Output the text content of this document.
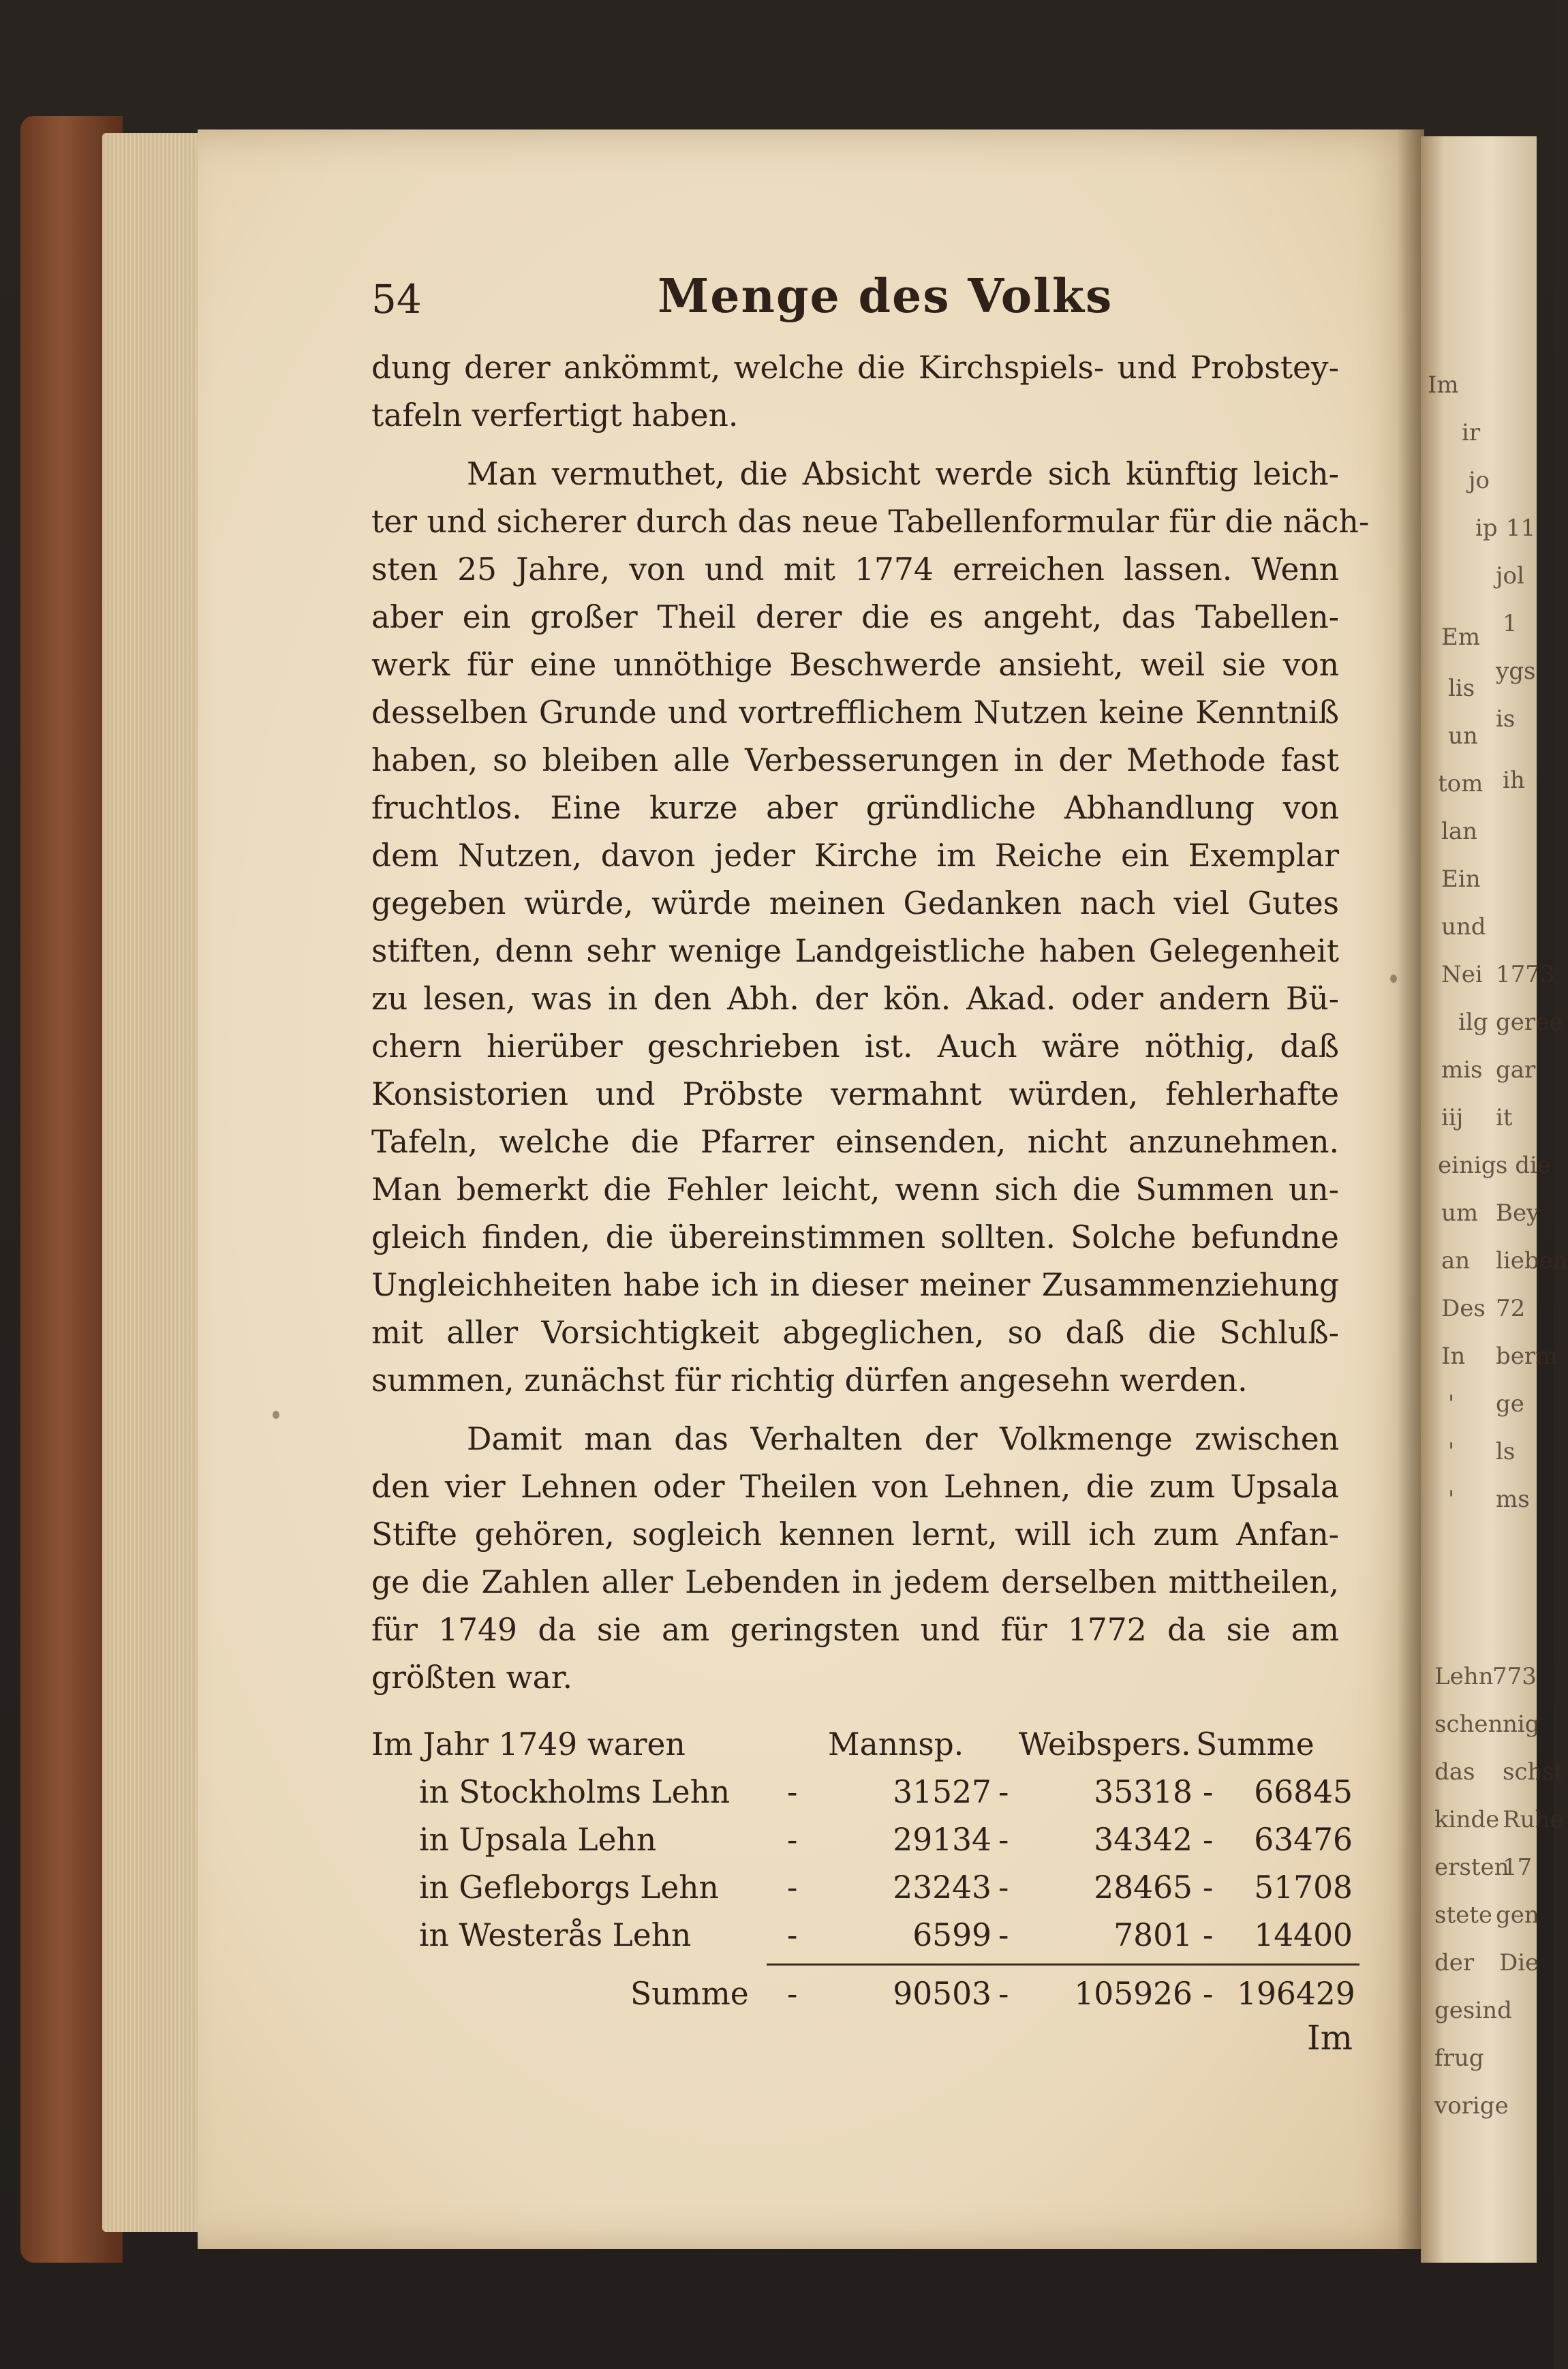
Im
ir
jo
ip
Em
lis
un
tom
lan
Ein
und
Nei
ilg
mis
iij
einig
um
an
Des
In
'
'
'
11
jol
1
ygs
is
ih
1773
geree
gar
it
s die
Bey
lieben
72
berm
ge
ls
ms
773
nig
schst
Ruhe
17
gen
Die
Lehn
schen
das
kinde
ersten
stete
der
gesind
frug
vorige
54	Menge des Volks

dung derer ankömmt, welche die Kirchspiels- und Probstey-
tafeln verfertigt haben.

Man vermuthet, die Absicht werde sich künftig leich-
ter und sicherer durch das neue Tabellenformular für die näch-
sten 25 Jahre, von und mit 1774 erreichen lassen. Wenn
aber ein großer Theil derer die es angeht, das Tabellen-
werk für eine unnöthige Beschwerde ansieht, weil sie von
desselben Grunde und vortrefflichem Nutzen keine Kenntniß
haben, so bleiben alle Verbesserungen in der Methode fast
fruchtlos. Eine kurze aber gründliche Abhandlung von
dem Nutzen, davon jeder Kirche im Reiche ein Exemplar
gegeben würde, würde meinen Gedanken nach viel Gutes
stiften, denn sehr wenige Landgeistliche haben Gelegenheit
zu lesen, was in den Abh. der kön. Akad. oder andern Bü-
chern hierüber geschrieben ist. Auch wäre nöthig, daß
Konsistorien und Pröbste vermahnt würden, fehlerhafte
Tafeln, welche die Pfarrer einsenden, nicht anzunehmen.
Man bemerkt die Fehler leicht, wenn sich die Summen un-
gleich finden, die übereinstimmen sollten. Solche befundne
Ungleichheiten habe ich in dieser meiner Zusammenziehung
mit aller Vorsichtigkeit abgeglichen, so daß die Schluß-
summen, zunächst für richtig dürfen angesehn werden.

Damit man das Verhalten der Volkmenge zwischen
den vier Lehnen oder Theilen von Lehnen, die zum Upsala
Stifte gehören, sogleich kennen lernt, will ich zum Anfan-
ge die Zahlen aller Lebenden in jedem derselben mittheilen,
für 1749 da sie am geringsten und für 1772 da sie am
größten war.

Im Jahr 1749 waren	Mannsp. Weibspers. Summe
in Stockholms Lehn -	31527 -	35318 -	66845
in Upsala Lehn	-	29134 -	34342 -	63476
in Gefleborgs Lehn -	23243 -	28465 -	51708
in Westerås Lehn	-	6599 -	7801 -	14400
Summe -	90503 -	105926 - 196429
Im
